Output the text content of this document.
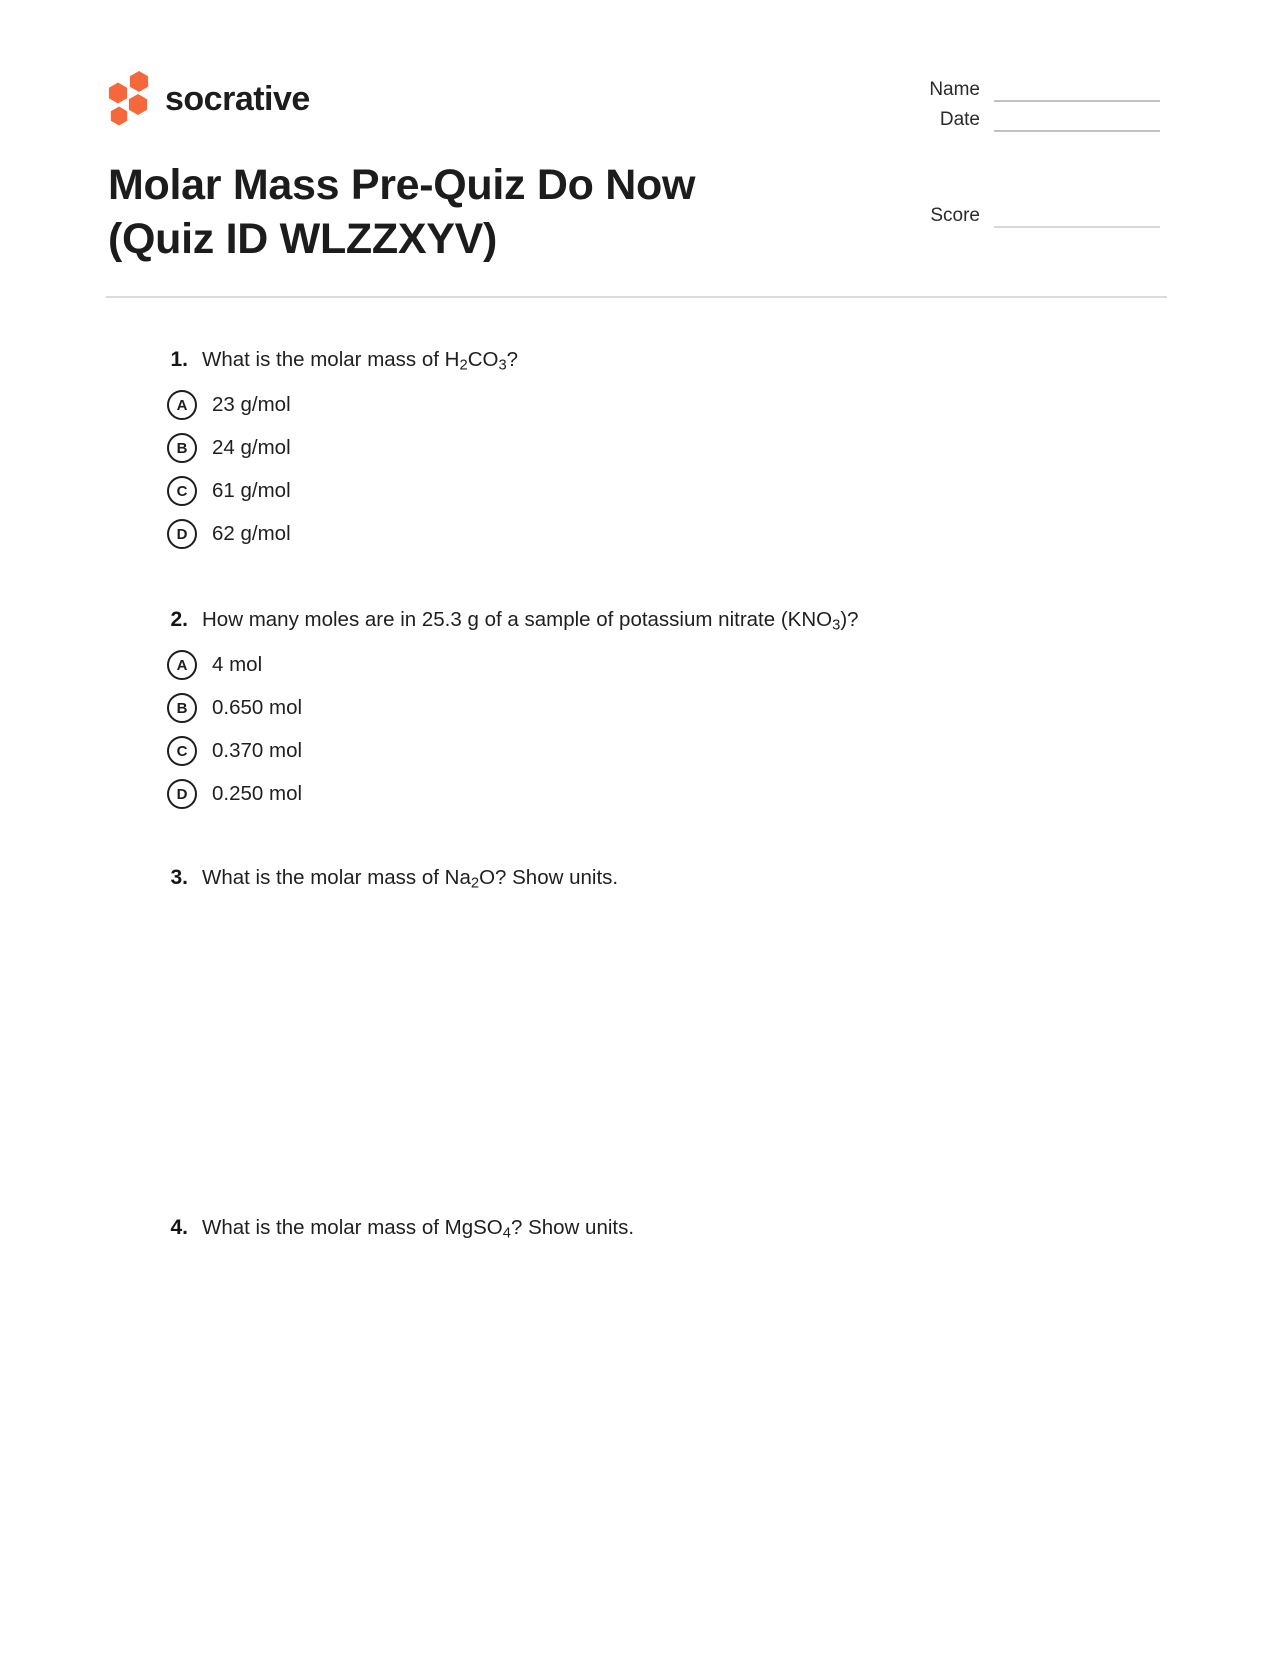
socrative	Name
Date
Molar Mass Pre-Quiz Do Now
(Quiz ID WLZZXYV)	Score
1. What is the molar mass of $H_2CO_3$?
A	23 g/mol
B	24 g/mol
C	61 g/mol
D	62 g/mol
2. How many moles are in 25.3 g of a sample of potassium nitrate $(KNO_3)$?
A	4 mol
B	0.650 mol
C	0.370 mol
D	0.250 mol
3. What is the molar mass of $Na_2O$? Show units.
4. What is the molar mass of MgSO$_4$? Show units.
